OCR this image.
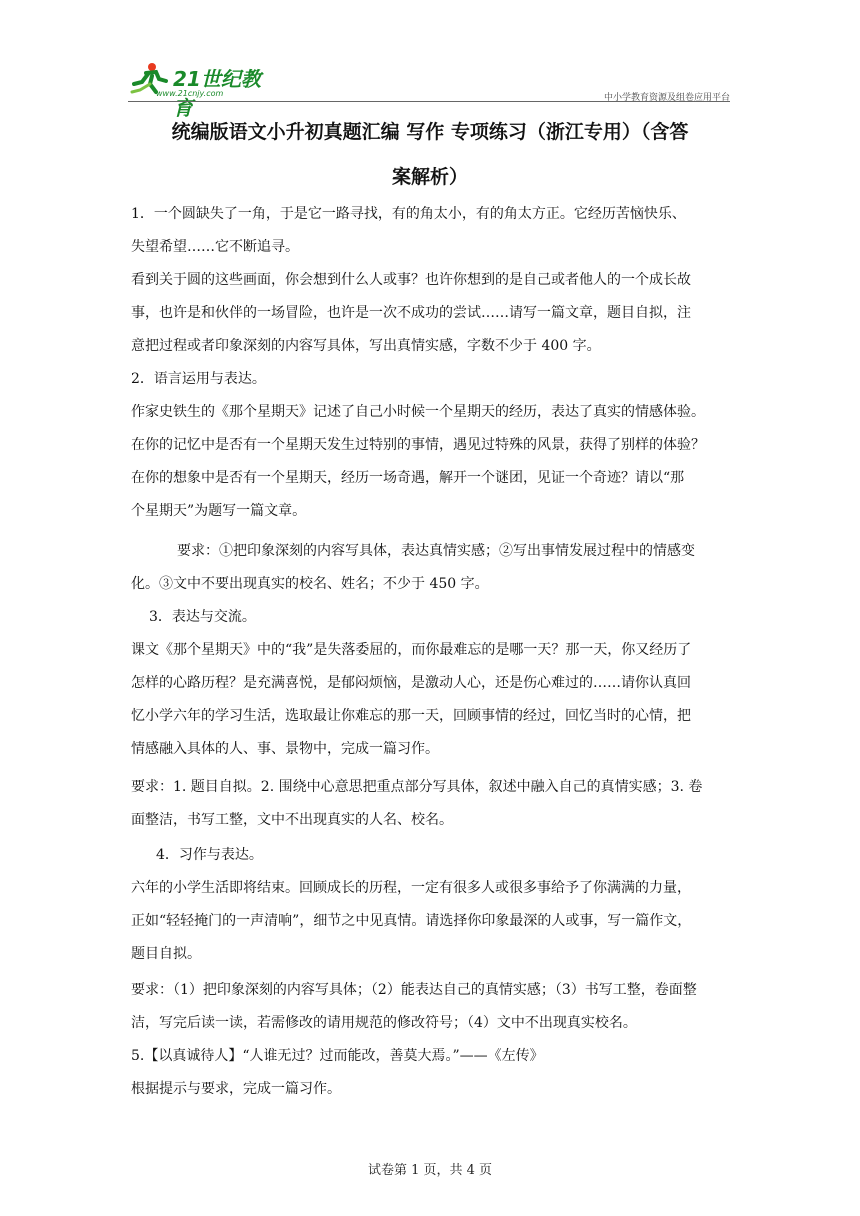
21世纪教育
www.21cnjy.com	中小学教育资源及组卷应用平台
统编版语文小升初真题汇编 写作 专项练习（浙江专用）（含答
案解析）
1．一个圆缺失了一角，于是它一路寻找，有的角太小，有的角太方正。它经历苦恼快乐、
失望希望……它不断追寻。
看到关于圆的这些画面，你会想到什么人或事？也许你想到的是自己或者他人的一个成长故
事，也许是和伙伴的一场冒险，也许是一次不成功的尝试……请写一篇文章，题目自拟，注
意把过程或者印象深刻的内容写具体，写出真情实感，字数不少于 400 字。
2．语言运用与表达。
作家史铁生的《那个星期天》记述了自己小时候一个星期天的经历，表达了真实的情感体验。
在你的记忆中是否有一个星期天发生过特别的事情，遇见过特殊的风景，获得了别样的体验？
在你的想象中是否有一个星期天，经历一场奇遇，解开一个谜团，见证一个奇迹？请以“那
个星期天”为题写一篇文章。
要求：①把印象深刻的内容写具体，表达真情实感；②写出事情发展过程中的情感变
化。③文中不要出现真实的校名、姓名；不少于 450 字。
3．表达与交流。
课文《那个星期天》中的“我”是失落委屈的，而你最难忘的是哪一天？那一天，你又经历了
怎样的心路历程？是充满喜悦，是郁闷烦恼，是激动人心，还是伤心难过的……请你认真回
忆小学六年的学习生活，选取最让你难忘的那一天，回顾事情的经过，回忆当时的心情，把
情感融入具体的人、事、景物中，完成一篇习作。
要求：1. 题目自拟。2. 围绕中心意思把重点部分写具体，叙述中融入自己的真情实感；3. 卷
面整洁，书写工整，文中不出现真实的人名、校名。
4．习作与表达。
六年的小学生活即将结束。回顾成长的历程，一定有很多人或很多事给予了你满满的力量，
正如“轻轻掩门的一声清响”，细节之中见真情。请选择你印象最深的人或事，写一篇作文，
题目自拟。
要求：（1）把印象深刻的内容写具体；（2）能表达自己的真情实感；（3）书写工整，卷面整
洁，写完后读一读，若需修改的请用规范的修改符号；（4）文中不出现真实校名。
5.【以真诚待人】“人谁无过？过而能改，善莫大焉。”——《左传》
根据提示与要求，完成一篇习作。
试卷第 1 页，共 4 页
